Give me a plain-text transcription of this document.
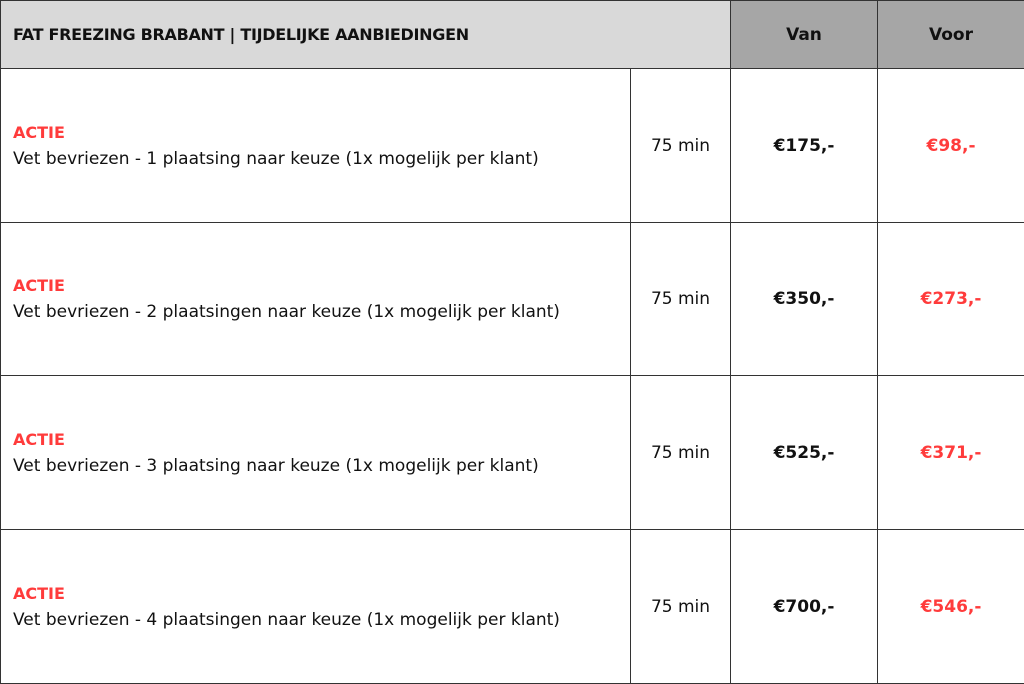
FAT FREEZING BRABANT | TIJDELIJKE AANBIEDINGEN		Van	Voor

ACTIE
Vet bevriezen - 1 plaatsing naar keuze (1x mogelijk per klant)	75 min	€175,-	€98,-

ACTIE
Vet bevriezen - 2 plaatsingen naar keuze (1x mogelijk per klant)	75 min	€350,-	€273,-

ACTIE
Vet bevriezen - 3 plaatsing naar keuze (1x mogelijk per klant)	75 min	€525,-	€371,-

ACTIE
Vet bevriezen - 4 plaatsingen naar keuze (1x mogelijk per klant)	75 min	€700,-	€546,-
